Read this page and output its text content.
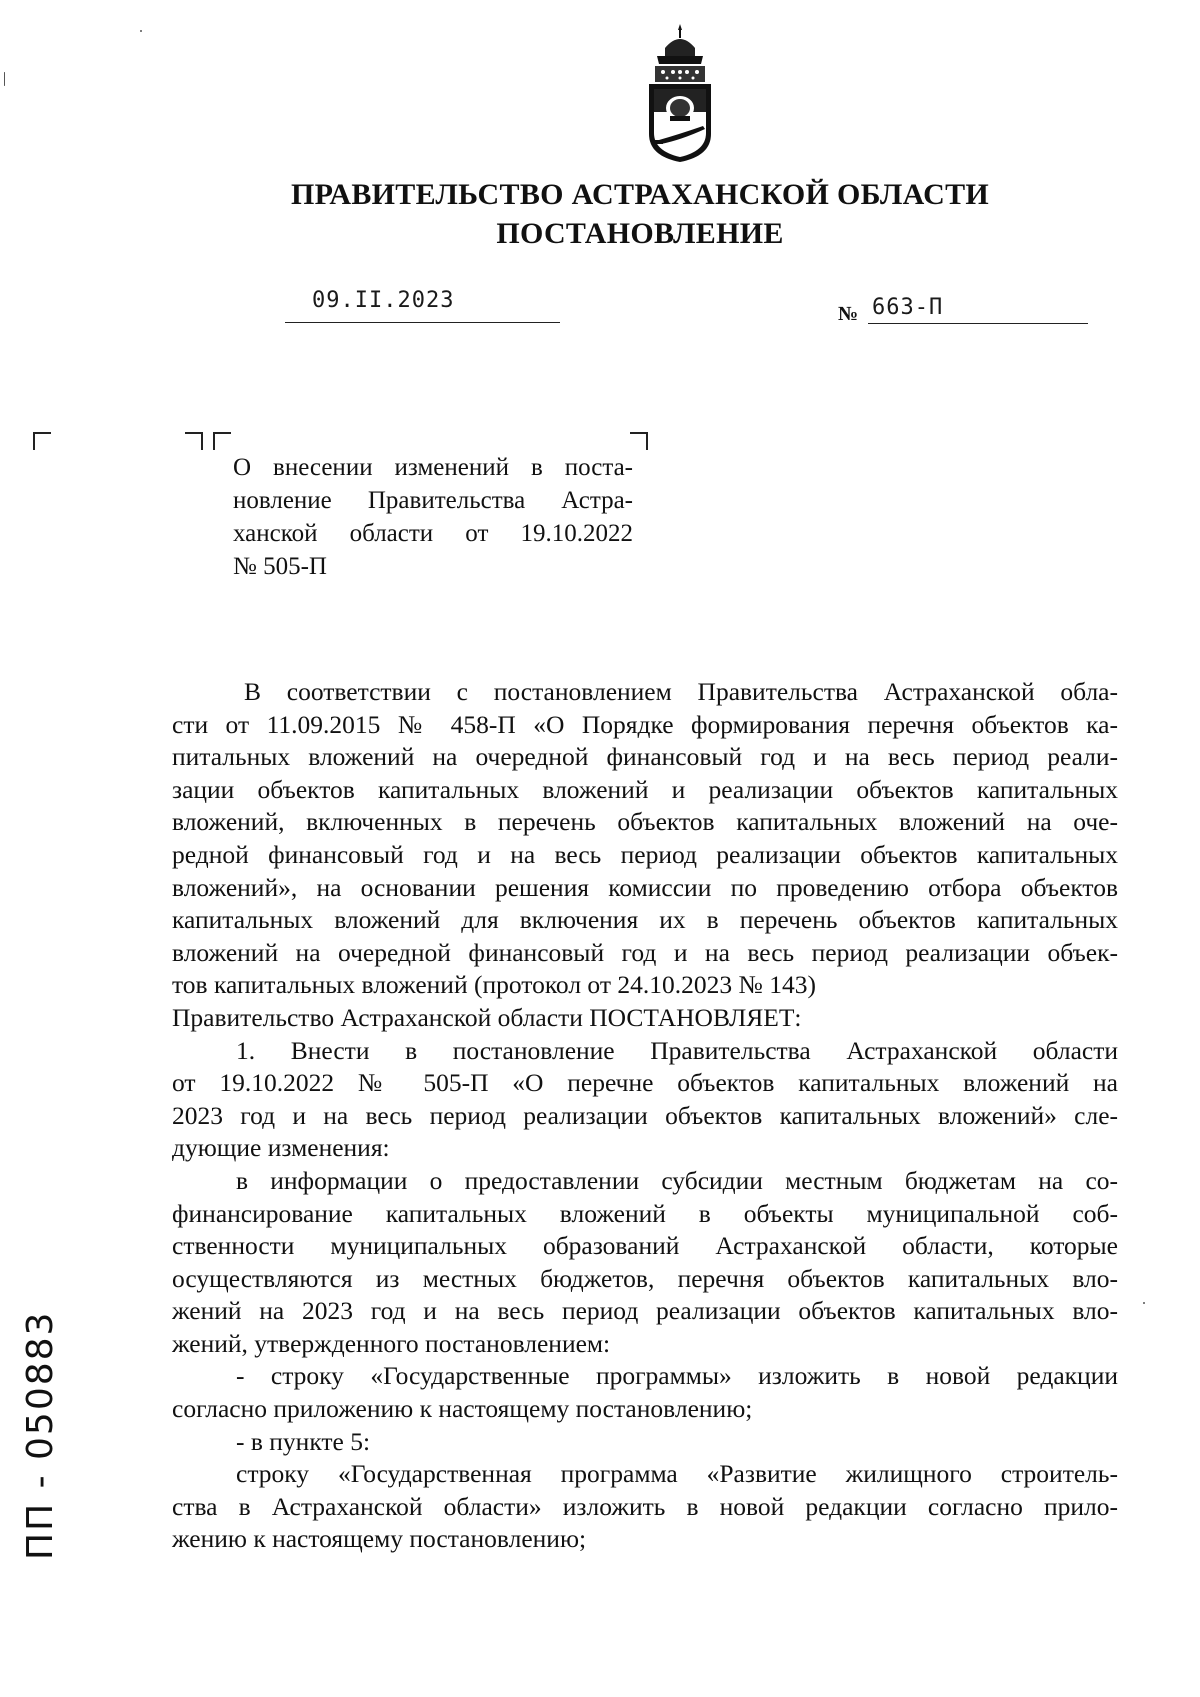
ПРАВИТЕЛЬСТВО АСТРАХАНСКОЙ ОБЛАСТИ
ПОСТАНОВЛЕНИЕ
09.II.2023
№ 663-П
О внесении изменений в поста-
новление Правительства Астра-
ханской области от 19.10.2022
№ 505-П
В соответствии с постановлением Правительства Астраханской обла-
сти от 11.09.2015 № 458-П «О Порядке формирования перечня объектов ка-
питальных вложений на очередной финансовый год и на весь период реали-
зации объектов капитальных вложений и реализации объектов капитальных
вложений, включенных в перечень объектов капитальных вложений на оче-
редной финансовый год и на весь период реализации объектов капитальных
вложений», на основании решения комиссии по проведению отбора объектов
капитальных вложений для включения их в перечень объектов капитальных
вложений на очередной финансовый год и на весь период реализации объек-
тов капитальных вложений (протокол от 24.10.2023 № 143)
Правительство Астраханской области ПОСТАНОВЛЯЕТ:
1. Внести в постановление Правительства Астраханской области
от 19.10.2022 № 505-П «О перечне объектов капитальных вложений на
2023 год и на весь период реализации объектов капитальных вложений» сле-
дующие изменения:
в информации о предоставлении субсидии местным бюджетам на со-
финансирование капитальных вложений в объекты муниципальной соб-
ственности муниципальных образований Астраханской области, которые
осуществляются из местных бюджетов, перечня объектов капитальных вло-
жений на 2023 год и на весь период реализации объектов капитальных вло-
жений, утвержденного постановлением:
- строку «Государственные программы» изложить в новой редакции
согласно приложению к настоящему постановлению;
- в пункте 5:
строку «Государственная программа «Развитие жилищного строитель-
ства в Астраханской области» изложить в новой редакции согласно прило-
жению к настоящему постановлению;
ПП - 050883
